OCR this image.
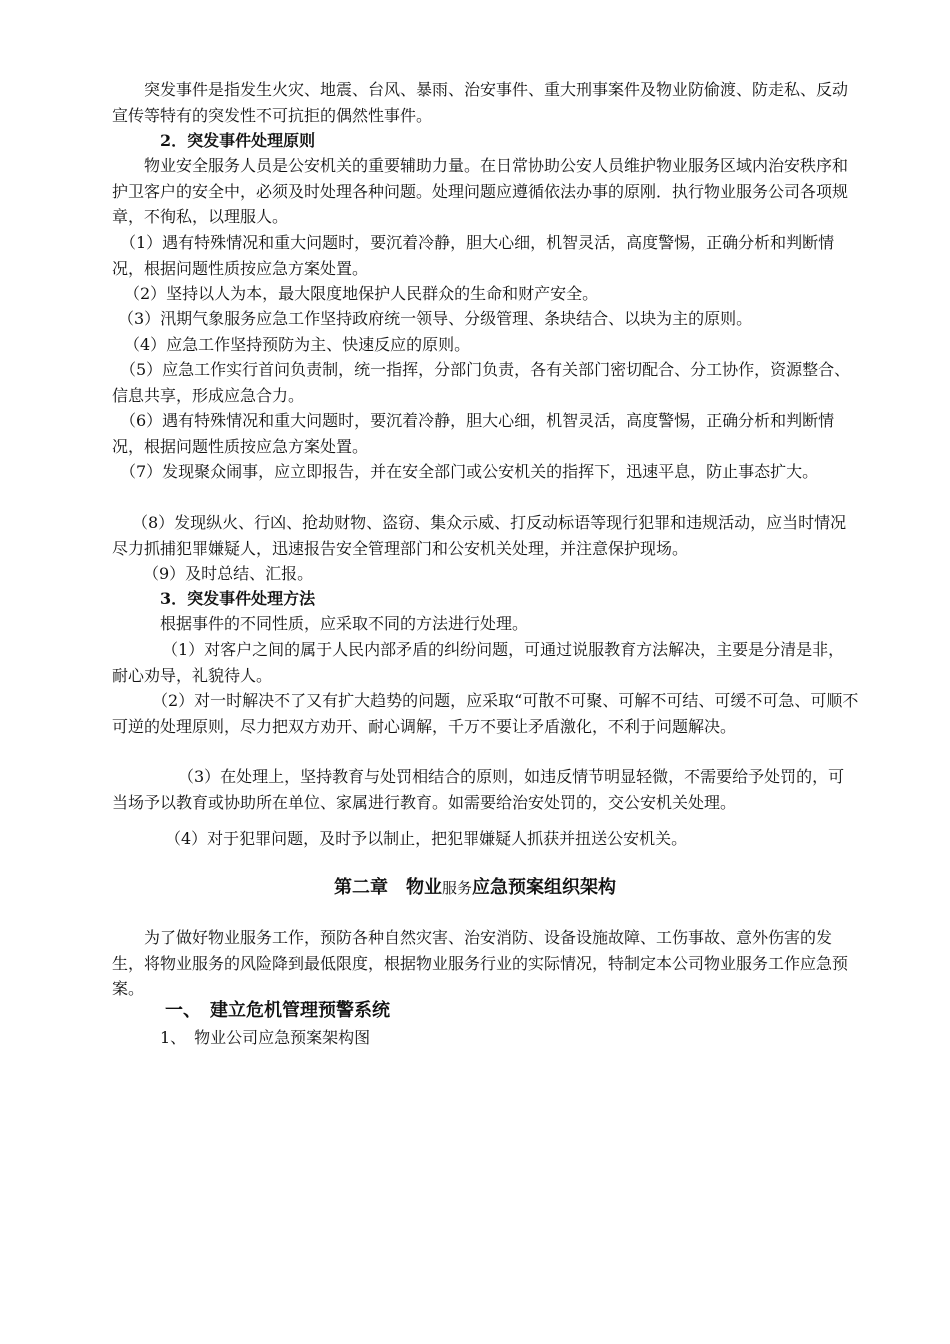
突发事件是指发生火灾、地震、台风、暴雨、治安事件、重大刑事案件及物业防偷渡、防走私、反动宣传等特有的突发性不可抗拒的偶然性事件。

2．突发事件处理原则

物业安全服务人员是公安机关的重要辅助力量。在日常协助公安人员维护物业服务区域内治安秩序和护卫客户的安全中，必须及时处理各种问题。处理问题应遵循依法办事的原刚．执行物业服务公司各项规章，不徇私，以理服人。

（1）遇有特殊情况和重大问题时，要沉着冷静，胆大心细，机智灵活，高度警惕，正确分析和判断情况，根据问题性质按应急方案处置。

（2）坚持以人为本，最大限度地保护人民群众的生命和财产安全。

（3）汛期气象服务应急工作坚持政府统一领导、分级管理、条块结合、以块为主的原则。

（4）应急工作坚持预防为主、快速反应的原则。

（5）应急工作实行首问负责制，统一指挥，分部门负责，各有关部门密切配合、分工协作，资源整合、信息共享，形成应急合力。

（6）遇有特殊情况和重大问题时，要沉着冷静，胆大心细，机智灵活，高度警惕，正确分析和判断情况，根据问题性质按应急方案处置。

（7）发现聚众闹事，应立即报告，并在安全部门或公安机关的指挥下，迅速平息，防止事态扩大。

（8）发现纵火、行凶、抢劫财物、盗窃、集众示威、打反动标语等现行犯罪和违规活动，应当时情况尽力抓捕犯罪嫌疑人，迅速报告安全管理部门和公安机关处理，并注意保护现场。

（9）及时总结、汇报。

3．突发事件处理方法

根据事件的不同性质，应采取不同的方法进行处理。

（1）对客户之间的属于人民内部矛盾的纠纷问题，可通过说服教育方法解决，主要是分清是非，耐心劝导，礼貌待人。

（2）对一时解决不了又有扩大趋势的问题，应采取“可散不可聚、可解不可结、可缓不可急、可顺不可逆的处理原则，尽力把双方劝开、耐心调解，千万不要让矛盾激化，不利于问题解决。

（3）在处理上，坚持教育与处罚相结合的原则，如违反情节明显轻微，不需要给予处罚的，可当场予以教育或协助所在单位、家属进行教育。如需要给治安处罚的，交公安机关处理。

（4）对于犯罪问题，及时予以制止，把犯罪嫌疑人抓获并扭送公安机关。

第二章　物业服务应急预案组织架构

为了做好物业服务工作，预防各种自然灾害、治安消防、设备设施故障、工伤事故、意外伤害的发生，将物业服务的风险降到最低限度，根据物业服务行业的实际情况，特制定本公司物业服务工作应急预案。

一、　建立危机管理预警系统

1、　物业公司应急预案架构图
